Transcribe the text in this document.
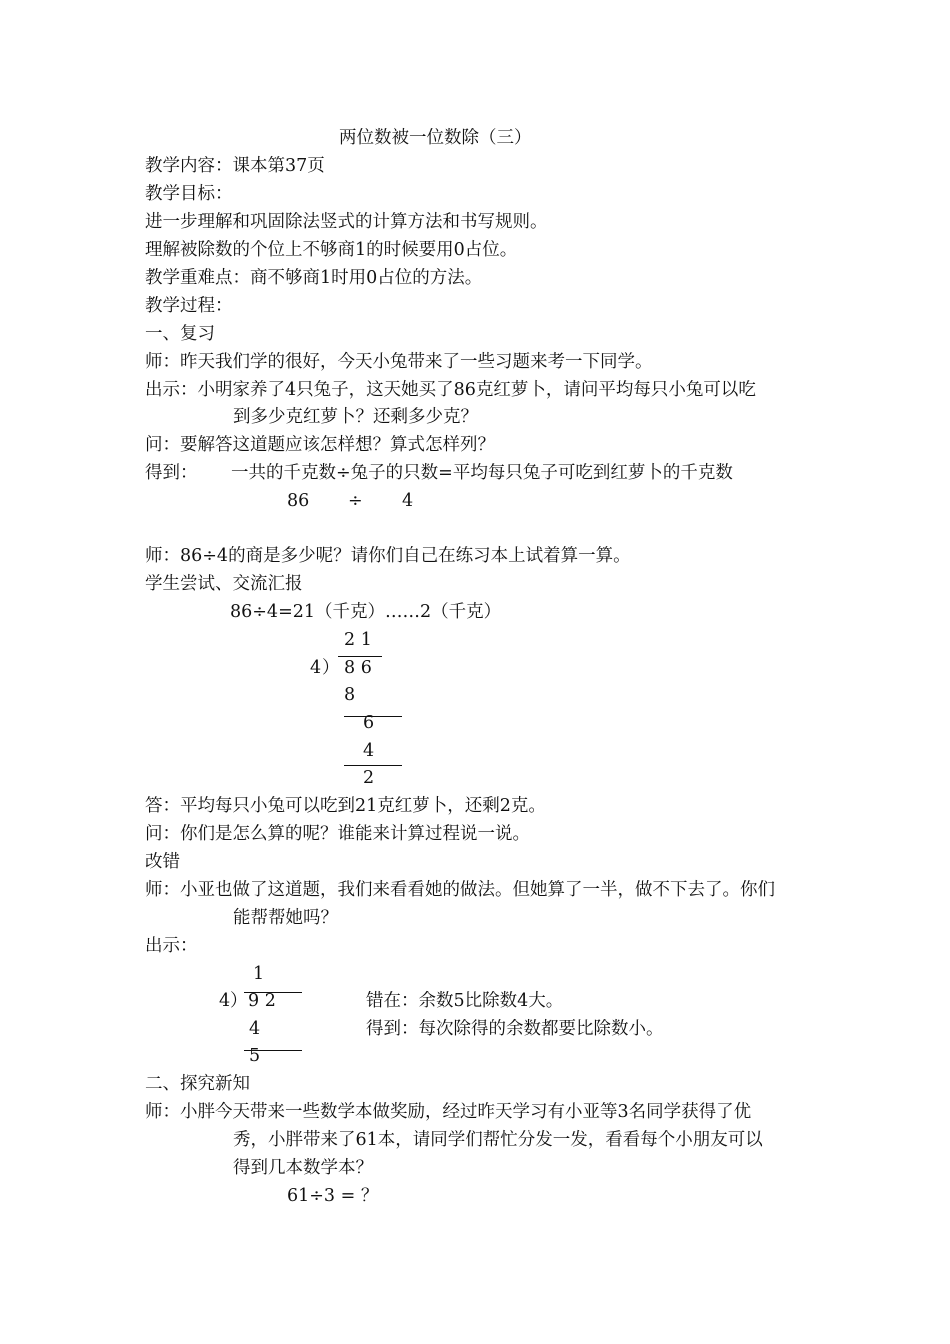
两位数被一位数除（三）
教学内容：课本第37页
教学目标：
进一步理解和巩固除法竖式的计算方法和书写规则。
理解被除数的个位上不够商1的时候要用0占位。
教学重难点：商不够商1时用0占位的方法。
教学过程：
一、复习
师：昨天我们学的很好，今天小兔带来了一些习题来考一下同学。
出示：小明家养了4只兔子，这天她买了86克红萝卜，请问平均每只小兔可以吃
到多少克红萝卜？还剩多少克？
问：要解答这道题应该怎样想？算式怎样列？
得到： 一共的千克数÷兔子的只数=平均每只兔子可吃到红萝卜的千克数
86 ÷ 4
师：86÷4的商是多少呢？请你们自己在练习本上试着算一算。
学生尝试、交流汇报
86÷4=21（千克）……2（千克）
2 1
4 ） 8 6
8
6
4
2
答：平均每只小兔可以吃到21克红萝卜，还剩2克。
问：你们是怎么算的呢？谁能来计算过程说一说。
改错
师：小亚也做了这道题，我们来看看她的做法。但她算了一半，做不下去了。你们
能帮帮她吗？
出示：
1
4 ） 9 2
4
5
错在：余数5比除数4大。
得到：每次除得的余数都要比除数小。
二、探究新知
师：小胖今天带来一些数学本做奖励，经过昨天学习有小亚等3名同学获得了优
秀，小胖带来了61本，请同学们帮忙分发一发，看看每个小朋友可以
得到几本数学本？
61÷3 = ？
